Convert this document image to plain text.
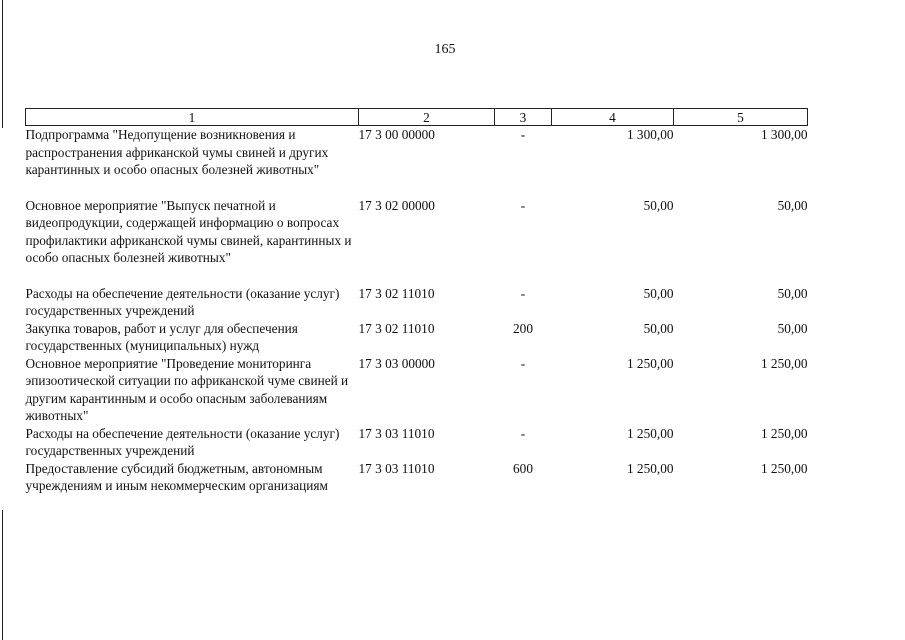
165
1	2	3	4	5
Подпрограмма "Недопущение возникновения и распространения африканской чумы свиней и других карантинных и особо опасных болезней животных"	17 3 00 00000	-	1 300,00	1 300,00
Основное мероприятие "Выпуск печатной и видеопродукции, содержащей информацию о вопросах профилактики африканской чумы свиней, карантинных и особо опасных болезней животных"	17 3 02 00000	-	50,00	50,00
Расходы на обеспечение деятельности (оказание услуг) государственных учреждений	17 3 02 11010	-	50,00	50,00
Закупка товаров, работ и услуг для обеспечения государственных (муниципальных) нужд	17 3 02 11010	200	50,00	50,00
Основное мероприятие "Проведение мониторинга эпизоотической ситуации по африканской чуме свиней и другим карантинным и особо опасным заболеваниям животных"	17 3 03 00000	-	1 250,00	1 250,00
Расходы на обеспечение деятельности (оказание услуг) государственных учреждений	17 3 03 11010	-	1 250,00	1 250,00
Предоставление субсидий бюджетным, автономным учреждениям и иным некоммерческим организациям	17 3 03 11010	600	1 250,00	1 250,00
